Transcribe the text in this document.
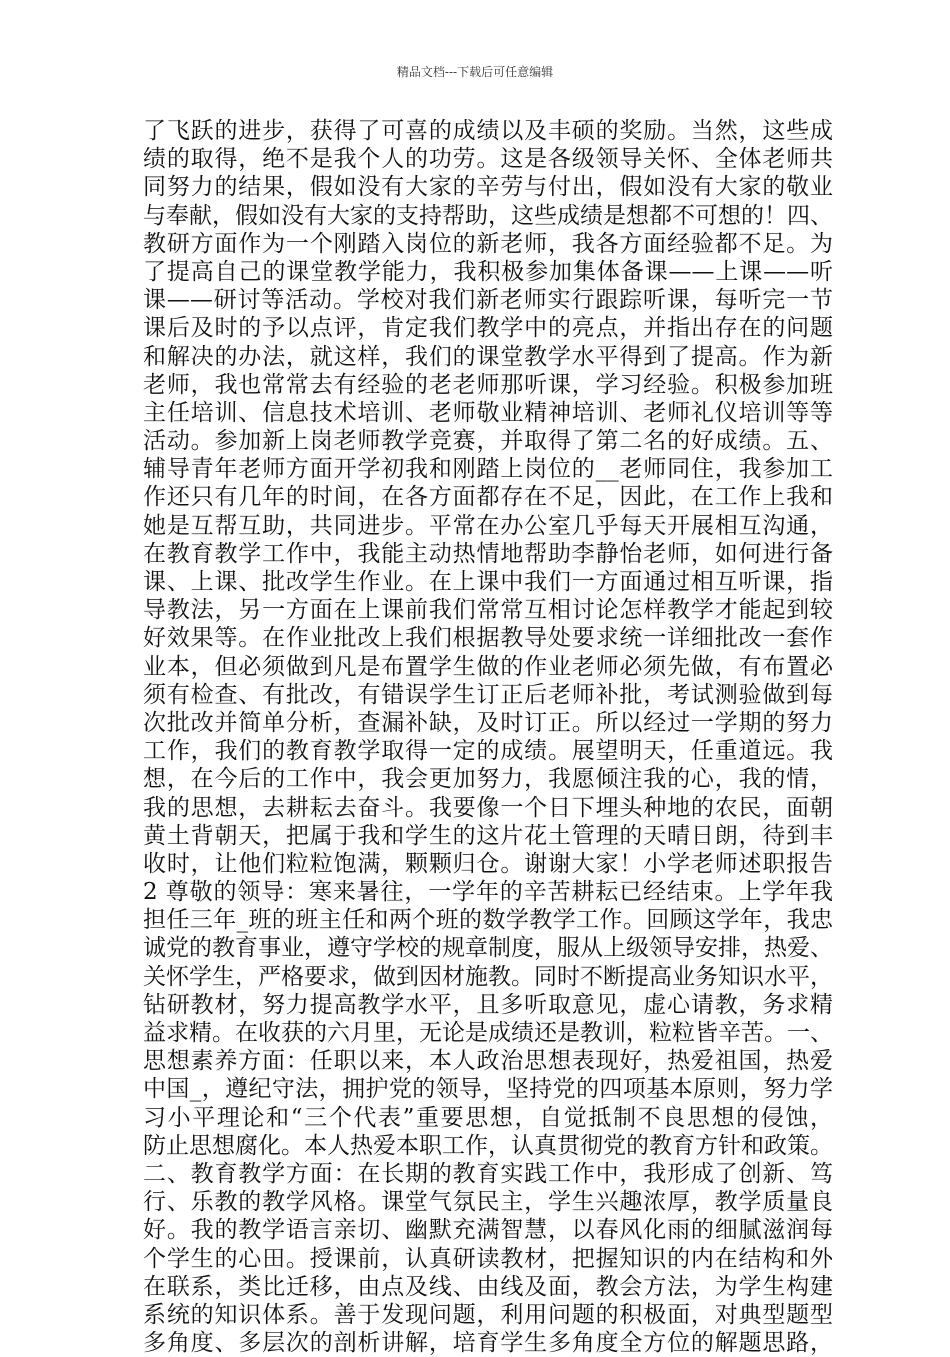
精品文档---下载后可任意编辑
了飞跃的进步，获得了可喜的成绩以及丰硕的奖励。当然，这些成
绩的取得，绝不是我个人的功劳。这是各级领导关怀、全体老师共
同努力的结果，假如没有大家的辛劳与付出，假如没有大家的敬业
与奉献，假如没有大家的支持帮助，这些成绩是想都不可想的！四、
教研方面作为一个刚踏入岗位的新老师，我各方面经验都不足。为
了提高自己的课堂教学能力，我积极参加集体备课——上课——听
课——研讨等活动。学校对我们新老师实行跟踪听课，每听完一节
课后及时的予以点评，肯定我们教学中的亮点，并指出存在的问题
和解决的办法，就这样，我们的课堂教学水平得到了提高。作为新
老师，我也常常去有经验的老老师那听课，学习经验。积极参加班
主任培训、信息技术培训、老师敬业精神培训、老师礼仪培训等等
活动。参加新上岗老师教学竞赛，并取得了第二名的好成绩。五、
辅导青年老师方面开学初我和刚踏上岗位的__老师同住，我参加工
作还只有几年的时间，在各方面都存在不足，因此，在工作上我和
她是互帮互助，共同进步。平常在办公室几乎每天开展相互沟通，
在教育教学工作中，我能主动热情地帮助李静怡老师，如何进行备
课、上课、批改学生作业。在上课中我们一方面通过相互听课，指
导教法，另一方面在上课前我们常常互相讨论怎样教学才能起到较
好效果等。在作业批改上我们根据教导处要求统一详细批改一套作
业本，但必须做到凡是布置学生做的作业老师必须先做，有布置必
须有检查、有批改，有错误学生订正后老师补批，考试测验做到每
次批改并简单分析，查漏补缺，及时订正。所以经过一学期的努力
工作，我们的教育教学取得一定的成绩。展望明天，任重道远。我
想，在今后的工作中，我会更加努力，我愿倾注我的心，我的情，
我的思想，去耕耘去奋斗。我要像一个日下埋头种地的农民，面朝
黄土背朝天，把属于我和学生的这片花土管理的天晴日朗，待到丰
收时，让他们粒粒饱满，颗颗归仓。谢谢大家！小学老师述职报告
2 尊敬的领导：寒来暑往，一学年的辛苦耕耘已经结束。上学年我
担任三年_班的班主任和两个班的数学教学工作。回顾这学年，我忠
诚党的教育事业，遵守学校的规章制度，服从上级领导安排，热爱、
关怀学生，严格要求，做到因材施教。同时不断提高业务知识水平，
钻研教材，努力提高教学水平，且多听取意见，虚心请教，务求精
益求精。在收获的六月里，无论是成绩还是教训，粒粒皆辛苦。一、
思想素养方面：任职以来，本人政治思想表现好，热爱祖国，热爱
中国_，遵纪守法，拥护党的领导，坚持党的四项基本原则，努力学
习小平理论和“三个代表”重要思想，自觉抵制不良思想的侵蚀，
防止思想腐化。本人热爱本职工作，认真贯彻党的教育方针和政策。
二、教育教学方面：在长期的教育实践工作中，我形成了创新、笃
行、乐教的教学风格。课堂气氛民主，学生兴趣浓厚，教学质量良
好。我的教学语言亲切、幽默充满智慧，以春风化雨的细腻滋润每
个学生的心田。授课前，认真研读教材，把握知识的内在结构和外
在联系，类比迁移，由点及线、由线及面，教会方法，为学生构建
系统的知识体系。善于发现问题，利用问题的积极面，对典型题型
多角度、多层次的剖析讲解，培育学生多角度全方位的解题思路，
